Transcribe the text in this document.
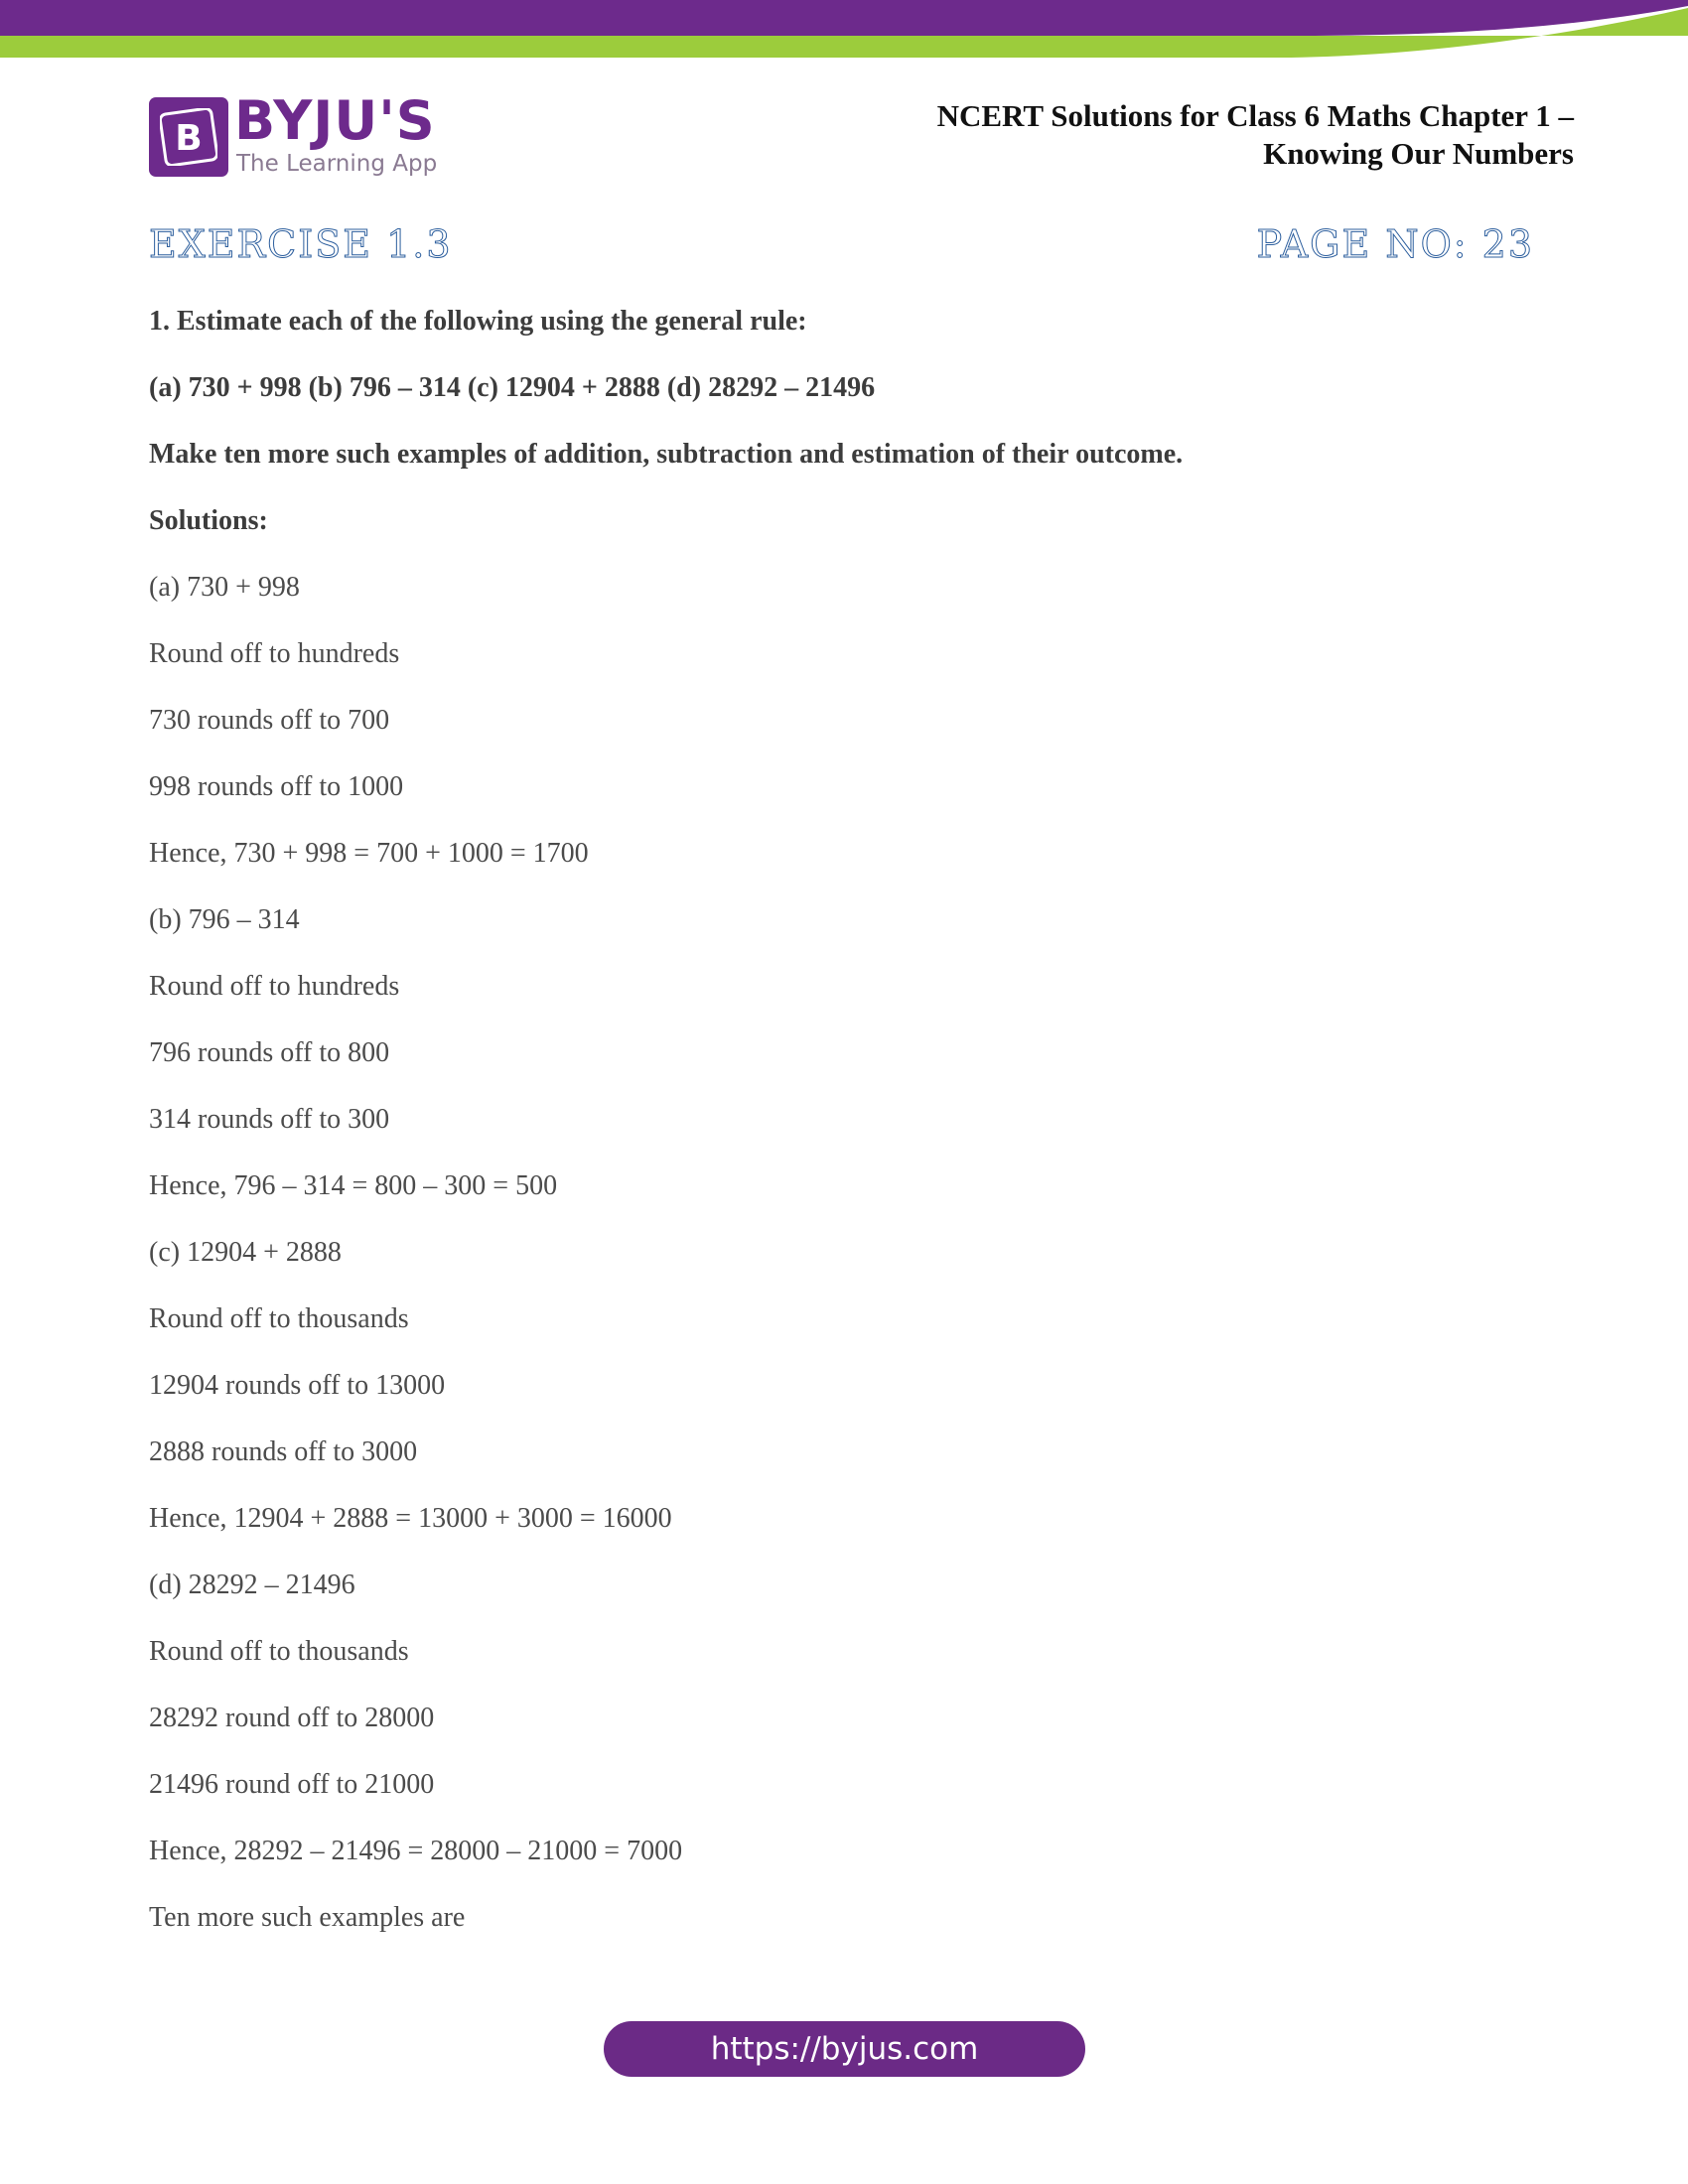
B BYJU'S
The Learning App
NCERT Solutions for Class 6 Maths Chapter 1 –
Knowing Our Numbers
EXERCISE 1.3	PAGE NO: 23
1. Estimate each of the following using the general rule:
(a) 730 + 998 (b) 796 – 314 (c) 12904 + 2888 (d) 28292 – 21496
Make ten more such examples of addition, subtraction and estimation of their outcome.
Solutions:
(a) 730 + 998
Round off to hundreds
730 rounds off to 700
998 rounds off to 1000
Hence, 730 + 998 = 700 + 1000 = 1700
(b) 796 – 314
Round off to hundreds
796 rounds off to 800
314 rounds off to 300
Hence, 796 – 314 = 800 – 300 = 500
(c) 12904 + 2888
Round off to thousands
12904 rounds off to 13000
2888 rounds off to 3000
Hence, 12904 + 2888 = 13000 + 3000 = 16000
(d) 28292 – 21496
Round off to thousands
28292 round off to 28000
21496 round off to 21000
Hence, 28292 – 21496 = 28000 – 21000 = 7000
Ten more such examples are
https://byjus.com
